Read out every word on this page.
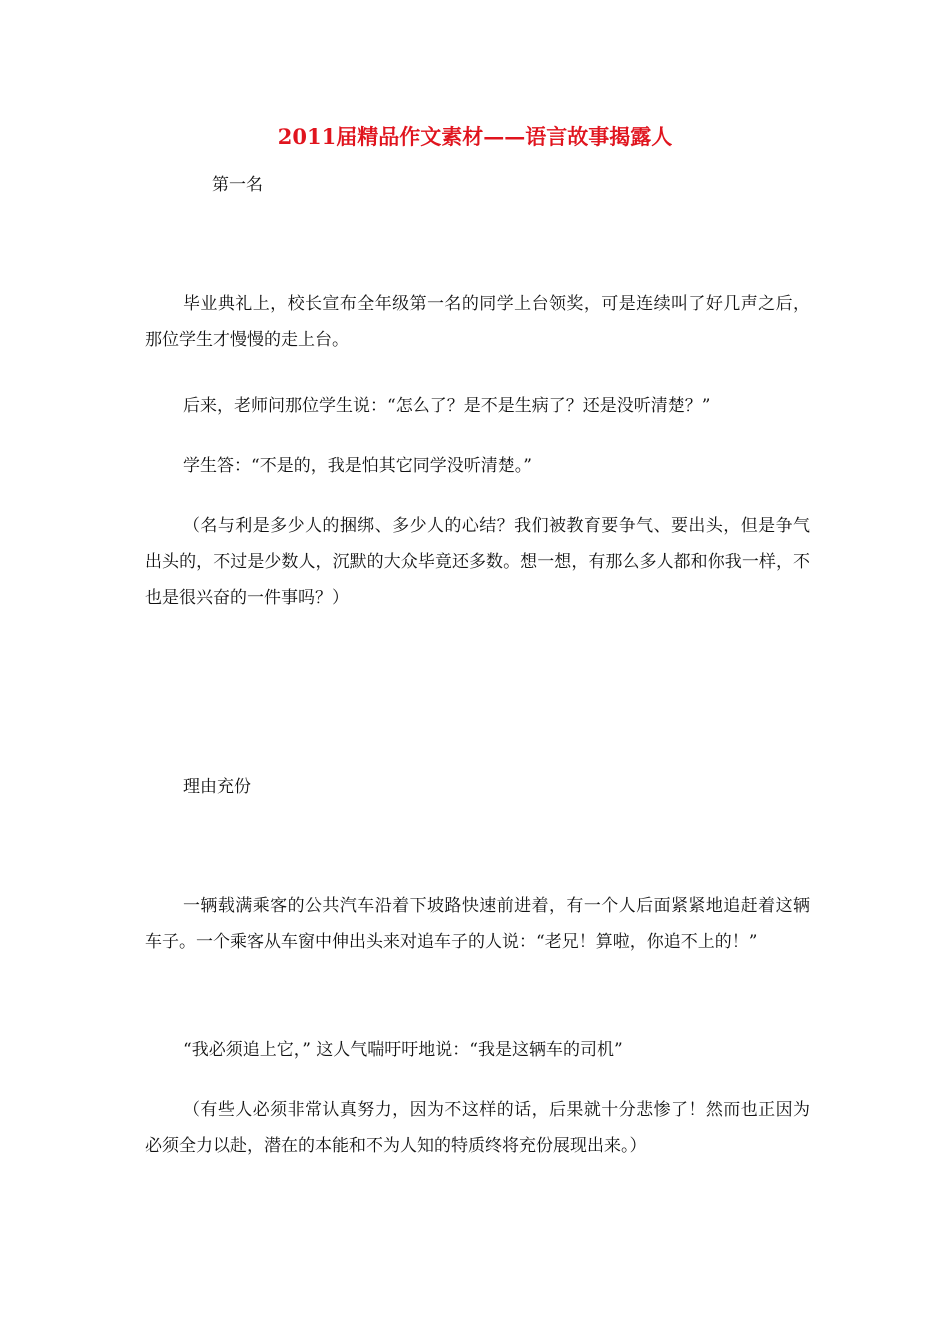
2011届精品作文素材——语言故事揭露人

第一名

毕业典礼上，校长宣布全年级第一名的同学上台领奖，可是连续叫了好几声之后，那位学生才慢慢的走上台。

后来，老师问那位学生说：“怎么了？是不是生病了？还是没听清楚？”

学生答：“不是的，我是怕其它同学没听清楚。”

（名与利是多少人的捆绑、多少人的心结？我们被教育要争气、要出头，但是争气出头的，不过是少数人，沉默的大众毕竟还多数。想一想，有那么多人都和你我一样，不也是很兴奋的一件事吗？）

理由充份

一辆载满乘客的公共汽车沿着下坡路快速前进着，有一个人后面紧紧地追赶着这辆车子。一个乘客从车窗中伸出头来对追车子的人说：“老兄！算啦，你追不上的！”

“我必须追上它，” 这人气喘吁吁地说：“我是这辆车的司机”

（有些人必须非常认真努力，因为不这样的话，后果就十分悲惨了！然而也正因为必须全力以赴，潜在的本能和不为人知的特质终将充份展现出来。）
